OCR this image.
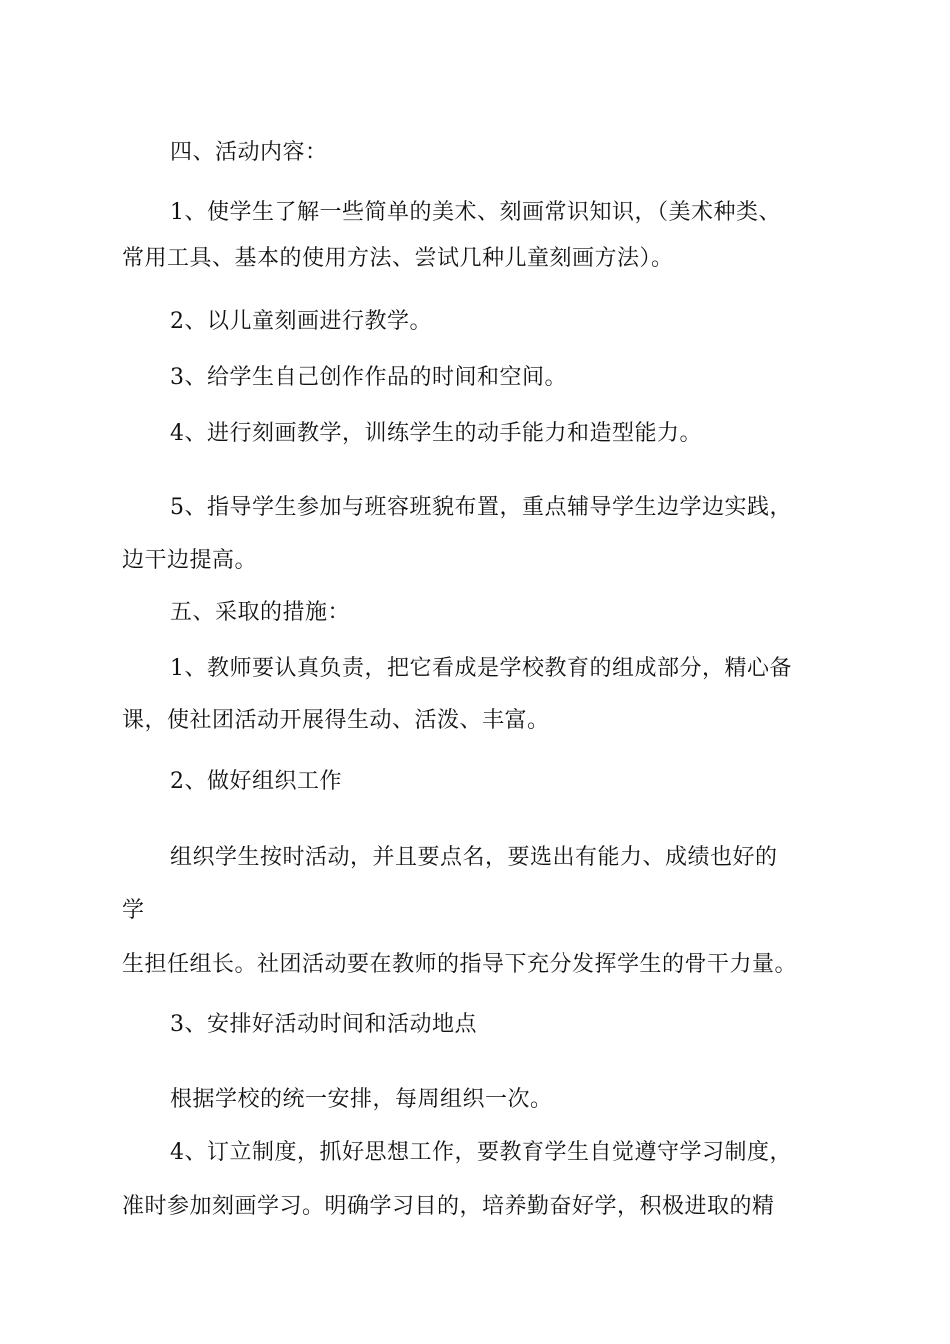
四、活动内容：
1、使学生了解一些简单的美术、刻画常识知识，（美术种类、
常用工具、基本的使用方法、尝试几种儿童刻画方法）。
2、以儿童刻画进行教学。
3、给学生自己创作作品的时间和空间。
4、进行刻画教学，训练学生的动手能力和造型能力。
5、指导学生参加与班容班貌布置，重点辅导学生边学边实践，
边干边提高。
五、采取的措施：
1、教师要认真负责，把它看成是学校教育的组成部分，精心备
课，使社团活动开展得生动、活泼、丰富。
2、做好组织工作
组织学生按时活动，并且要点名，要选出有能力、成绩也好的
学
生担任组长。社团活动要在教师的指导下充分发挥学生的骨干力量。
3、安排好活动时间和活动地点
根据学校的统一安排，每周组织一次。
4、订立制度，抓好思想工作，要教育学生自觉遵守学习制度，
准时参加刻画学习。明确学习目的，培养勤奋好学，积极进取的精
